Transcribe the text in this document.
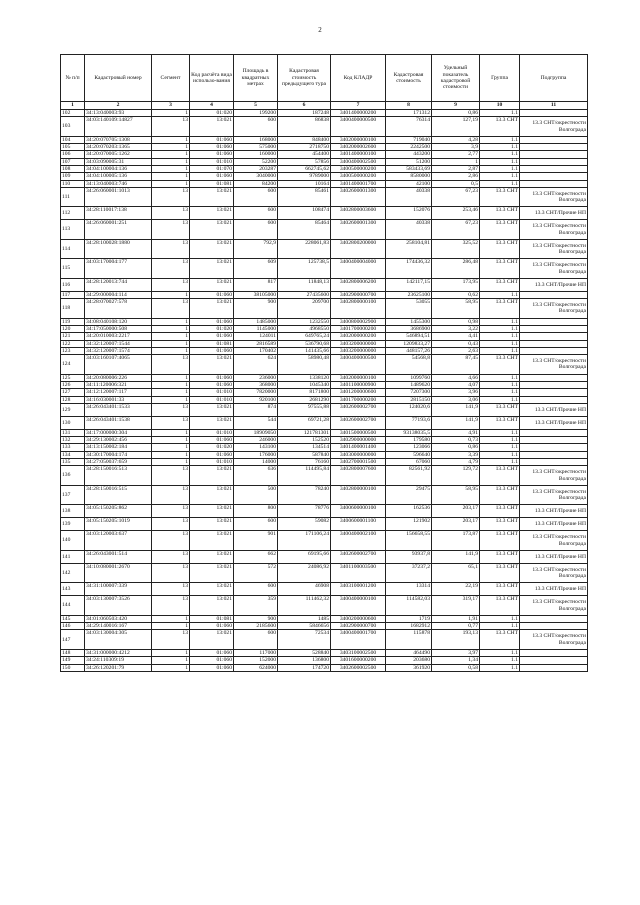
2
№ п/п	Кадастровый номер	Сегмент	Код расчёта вида использо-вания	Площадь в квадратных метрах	Кадастровая стоимость предыдущего тура	Код КЛАДР	Кадастровая стоимость	Удельный показатель кадастровой стоимости	Группа	Подгруппа
1	2	3	4	5	6	7	8	9	10	11
102	34:13:040003:93	1	01:020	199200	187248	3401400000200	171312	0,86	1.1	
103	34:03:140109:14827	13	13:021	600	86838	3400400000500	76314	127,19	13.3 СНТ	13.3 СНТ/окрестности Волгограда
104	34:20:070705:1308	1	01:060	168000	848400	3402000000100	719040	4,28	1.1	
105	34:20:070203:1365	1	01:060	575000	2718750	3402000002600	2242500	3,9	1.1	
106	34:20:070005:1262	1	01:060	160000	454400	3401400000100	443200	2,77	1.1	
107	34:03:090005:31	1	01:010	52200	57856	3400400002500	51200	1	1.1	
108	34:04:100004:136	1	01:070	203287	662745,62	3400500000200	583433,69	2,87	1.1	
109	34:04:100005:136	1	01:060	3040000	9789000	3400500000200	8580000	2,86	1.1	
110	34:13:040003:746	1	01:081	84200	10164	3401400001700	42100	0,5	1.1	
111	34:26:060001:1013	13	13:021	600	85461	3402600001300	40338	67,23	13.3 СНТ	13.3 СНТ/окрестности Волгограда
112	34:28:110017:138	13	13:021	600	108474	3402800003600	152076	253,46	13.3 СНТ	13.3 СНТ/Прочие НП
113	34:26:060001:251	13	13:021	600	85464	3402600001300	40338	67,23	13.3 СНТ	13.3 СНТ/окрестности Волгограда
114	34:28:100028:1880	13	13:021	792,9	228061,83	3402800200000	258104,81	325,52	13.3 СНТ	13.3 СНТ/окрестности Волгограда
115	34:03:170004:177	13	13:021	609	125738,5	3400400004000	174436,32	286,48	13.3 СНТ	13.3 СНТ/окрестности Волгограда
116	34:28:120013:744	13	13:021	817	11848,13	3402800006200	142117,15	173,95	13.3 СНТ	13.3 СНТ/Прочие НП
117	34:29:000004:114	1	01:060	38105000	27435600	3402900000700	23625100	0,62	1.1	
118	34:28:070027:578	13	13:021	900	209700	3402800000100	53055	58,95	13.3 СНТ	13.3 СНТ/окрестности Волгограда
119	34:08:040108:120	1	01:060	1485000	1232550	3400800002900	1455300	0,98	1.1	
120	34:17:050000:508	1	01:020	1145000	4968550	3401700000200	3686900	3,22	1.1	
121	34:20:010003:2217	1	01:060	124011	649765,24	3402000000200	546894,51	4,41	1.1	
122	34:32:120007:1544	1	01:081	2816589	536790,68	3403200000000	1209833,27	0,43	1.1	
123	34:32:120007:1574	1	01:060	170402	141435,66	3403200000000	448157,26	2,63	1.1	
124	34:03:160107:4065	13	13:021	624	58980,48	3400400000500	54568,8	87,45	13.3 СНТ	13.3 СНТ/окрестности Волгограда
125	34:20:080006:226	1	01:060	236000	1338120	3402000000100	1099760	4,66	1.1	
126	34:11:120006:321	1	01:060	368000	1045340	3401100000900	1489620	4,07	1.1	
127	34:12:120007:117	1	01:010	7820000	8171800	3401200000600	7207300	3,96	1.1	
128	34:16:030001:33	1	01:010	920100	2681290	3401700000200	2815150	3,06	1.1	
129	34:26:043401:1533	13	13:021	874	97555,88	3402600002700	124020,6	141,9	13.3 СНТ	13.3 СНТ/Прочие НП
130	34:26:043401:1538	13	13:021	544	69721,28	3402600002700	77193,6	141,9	13.3 СНТ	13.3 СНТ/Прочие НП
131	34:17:000000:304	1	01:010	18909050	121781301	3401500000500	93138035,5	4,91	1.1	
132	34:29:130002:456	1	01:060	246000	152520	3402900000000	179580	0,73	1.1	
133	34:13:150002:184	1	01:020	143100	134514	3401400001400	123066	0,86	1.1	
134	34:30:170004:174	1	01:060	176000	587840	3403000000000	596640	3,39	1.1	
135	34:27:050037:659	1	01:010	14000	76160	3402700001500	67060	4,79	1.1	
136	34:28:150016:513	13	13:021	636	114495,84	3402800007600	82561,92	129,72	13.3 СНТ	13.3 СНТ/окрестности Волгограда
137	34:28:150016:515	13	13:021	500	78240	3402800000100	29475	58,95	13.3 СНТ	13.3 СНТ/окрестности Волгограда
138	34:05:150205:862	13	13:021	800	78776	3400600000100	162536	203,17	13.3 СНТ	13.3 СНТ/Прочие НП
139	34:05:150205:1019	13	13:021	600	59082	3400600001100	121902	203,17	13.3 СНТ	13.3 СНТ/Прочие НП
140	34:03:120003:637	13	13:021	901	171106,24	3400400002100	156658,55	173,87	13.3 СНТ	13.3 СНТ/окрестности Волгограда
141	34:26:043001:514	13	13:021	662	69195,66	3402600002700	93937,8	141,9	13.3 СНТ	13.3 СНТ/Прочие НП
142	34:10:080001:2670	13	13:021	572	24086,92	3401100003500	37237,2	65,1	13.3 СНТ	13.3 СНТ/окрестности Волгограда
143	34:31:100007:339	13	13:021	600	46908	3403100001200	13314	22,19	13.3 СНТ	13.3 СНТ/Прочие НП
144	34:03:130007:3526	13	13:021	359	111462,32	3400400000100	114582,03	319,17	13.3 СНТ	13.3 СНТ/окрестности Волгограда
145	34:01:060503:420	1	01:081	900	1485	3400200000600	1719	1,91	1.1	
146	34:29:140016:167	1	01:060	2185600	5846656	3402900000700	1682912	0,77	1.1	
147	34:03:130004:305	13	13:021	600	72534	3400400001700	115878	193,13	13.3 СНТ	13.3 СНТ/окрестности Волгограда
148	34:31:000000:4212	1	01:060	117000	528840	3403100002500	464490	3,97	1.1	
149	34:24:110309:19	1	01:060	152000	136800	3401600000200	203680	1,34	1.1	
150	34:26:120201:79	1	01:060	624000	174720	3402600002500	361920	0,58	1.1	
